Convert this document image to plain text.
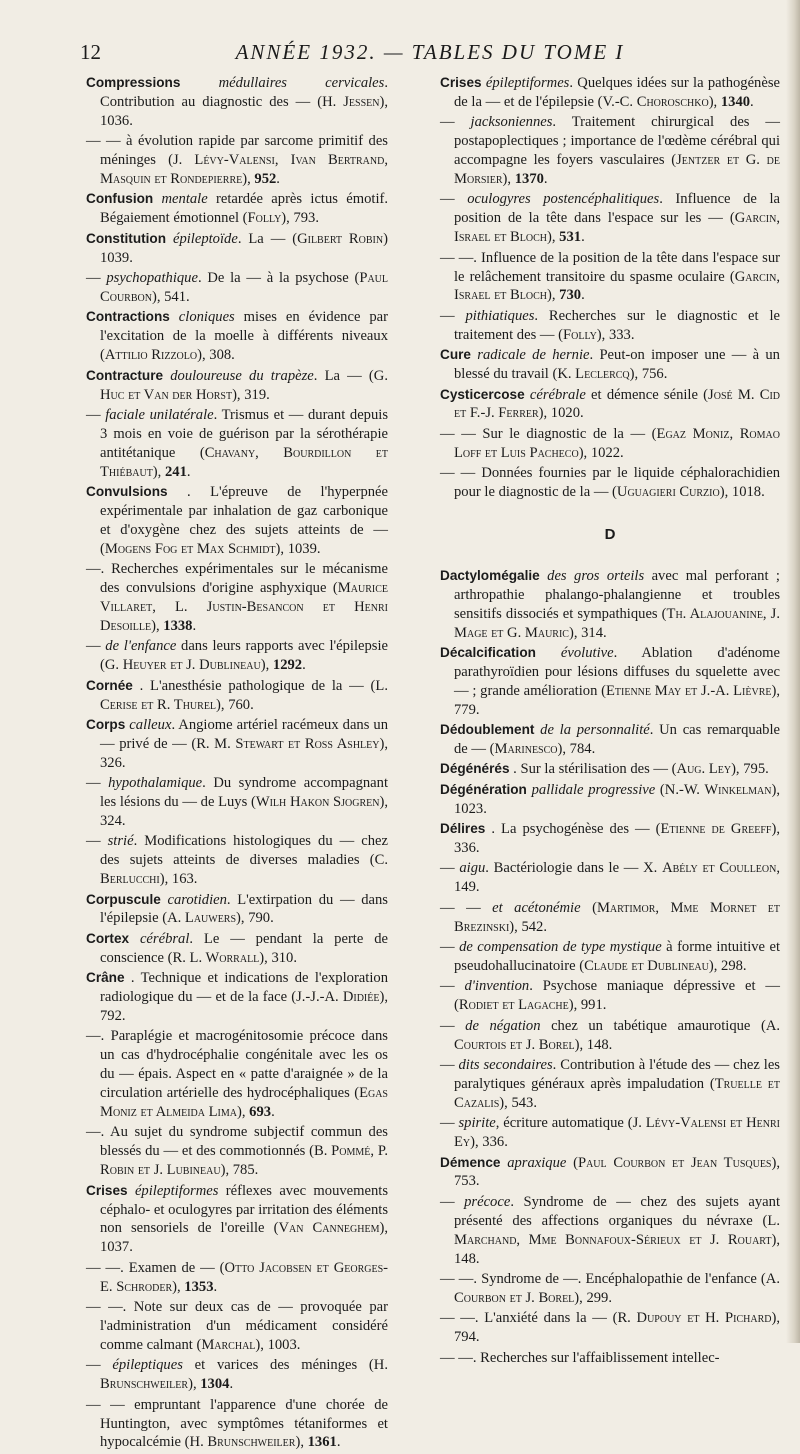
12	ANNÉE 1932. — TABLES DU TOME I

Compressions	médullaires cervicales. Contribution au diagnostic des — (H. Jessen), 1036.

— — à évolution rapide par sarcome primitif des méninges (J. Lévy-Valensi, Ivan Bertrand, Masquin et Rondepierre), 952.

Confusion mentale retardée après ictus émotif. Bégaiement émotionnel (Folly), 793.

Constitution épileptoïde. La — (Gilbert Robin) 1039.

— psychopathique. De la — à la psychose (Paul Courbon), 541.

Contractions cloniques mises en évidence par l'excitation de la moelle à différents niveaux (Attilio Rizzolo), 308.

Contracture douloureuse du trapèze. La — (G. Huc et Van der Horst), 319.

— faciale unilatérale. Trismus et — durant depuis 3 mois en voie de guérison par la sérothérapie antitétanique (Chavany, Bourdillon et Thiébaut), 241.

Convulsions . L'épreuve de l'hyperpnée expérimentale par inhalation de gaz carbonique et d'oxygène chez des sujets atteints de — (Mogens Fog et Max Schmidt), 1039.

—. Recherches expérimentales sur le mécanisme des convulsions d'origine asphyxique (Maurice Villaret, L. Justin-Besancon et Henri Desoille), 1338.

— de l'enfance dans leurs rapports avec l'épilepsie (G. Heuyer et J. Dublineau), 1292.

Cornée . L'anesthésie pathologique de la — (L. Cerise et R. Thurel), 760.

Corps calleux. Angiome artériel racémeux dans un — privé de — (R. M. Stewart et Ross Ashley), 326.

— hypothalamique. Du syndrome accompagnant les lésions du — de Luys (Wilh Hakon Sjogren), 324.

— strié. Modifications histologiques du — chez des sujets atteints de diverses maladies (C. Berlucchi), 163.

Corpuscule carotidien. L'extirpation du — dans l'épilepsie (A. Lauwers), 790.

Cortex cérébral. Le — pendant la perte de conscience (R. L. Worrall), 310.

Crâne . Technique et indications de l'exploration radiologique du — et de la face (J.-J.-A. Didiée), 792.

—. Paraplégie et macrogénitosomie précoce dans un cas d'hydrocéphalie congénitale avec les os du — épais. Aspect en « patte d'araignée » de la circulation artérielle des hydrocéphaliques (Egas Moniz et Almeida Lima), 693.

—. Au sujet du syndrome subjectif commun des blessés du — et des commotionnés (B. Pommé, P. Robin et J. Lubineau), 785.

Crises épileptiformes réflexes avec mouvements céphalo- et oculogyres par irritation des éléments non sensoriels de l'oreille (Van Canneghem), 1037.

— —. Examen de — (Otto Jacobsen et Georges-E. Schroder), 1353.

— —. Note sur deux cas de — provoquée par l'administration d'un médicament considéré comme calmant (Marchal), 1003.

— épileptiques et varices des méninges (H. Brunschweiler), 1304.

— — empruntant l'apparence d'une chorée de Huntington, avec symptômes tétaniformes et hypocalcémie (H. Brunschweiler), 1361.

Crises épileptiformes. Quelques idées sur la pathogénèse de la — et de l'épilepsie (V.-C. Choroschko), 1340.

— jacksoniennes. Traitement chirurgical des — postapoplectiques ; importance de l'œdème cérébral qui accompagne les foyers vasculaires (Jentzer et G. de Morsier), 1370.

— oculogyres postencéphalitiques. Influence de la position de la tête dans l'espace sur les — (Garcin, Israel et Bloch), 531.

— —. Influence de la position de la tête dans l'espace sur le relâchement transitoire du spasme oculaire (Garcin, Israel et Bloch), 730.

— pithiatiques. Recherches sur le diagnostic et le traitement des — (Folly), 333.

Cure radicale de hernie. Peut-on imposer une — à un blessé du travail (K. Leclercq), 756.

Cysticercose cérébrale et démence sénile (José M. Cid et F.-J. Ferrer), 1020.

— — Sur le diagnostic de la — (Egaz Moniz, Romao Loff et Luis Pacheco), 1022.

— — Données fournies par le liquide céphalorachidien pour le diagnostic de la — (Uguagieri Curzio), 1018.

D

Dactylomégalie des gros orteils avec mal perforant ; arthropathie phalango-phalangienne et troubles sensitifs dissociés et sympathiques (Th. Alajouanine, J. Mage et G. Mauric), 314.

Décalcification évolutive. Ablation d'adénome parathyroïdien pour lésions diffuses du squelette avec — ; grande amélioration (Etienne May et J.-A. Lièvre), 779.

Dédoublement de la personnalité. Un cas remarquable de — (Marinesco), 784.

Dégénérés . Sur la stérilisation des — (Aug. Ley), 795.

Dégénération pallidale progressive (N.-W. Winkelman), 1023.

Délires . La psychogénèse des — (Etienne de Greeff), 336.

— aigu. Bactériologie dans le — X. Abély et Coulleon, 149.

— — et acétonémie (Martimor, Mme Mornet et Brezinski), 542.

— de compensation de type mystique à forme intuitive et pseudohallucinatoire (Claude et Dublineau), 298.

— d'invention. Psychose maniaque dépressive et — (Rodiet et Lagache), 991.

— de négation chez un tabétique amaurotique (A. Courtois et J. Borel), 148.

— dits secondaires. Contribution à l'étude des — chez les paralytiques généraux après impaludation (Truelle et Cazalis), 543.

— spirite, écriture automatique (J. Lévy-Valensi et Henri Ey), 336.

Démence apraxique (Paul Courbon et Jean Tusques), 753.

— précoce. Syndrome de — chez des sujets ayant présenté des affections organiques du névraxe (L. Marchand, Mme Bonnafoux-Sérieux et J. Rouart), 148.

— —. Syndrome de —. Encéphalopathie de l'enfance (A. Courbon et J. Borel), 299.

— —. L'anxiété dans la — (R. Dupouy et H. Pichard), 794.

— —. Recherches sur l'affaiblissement intellec-
